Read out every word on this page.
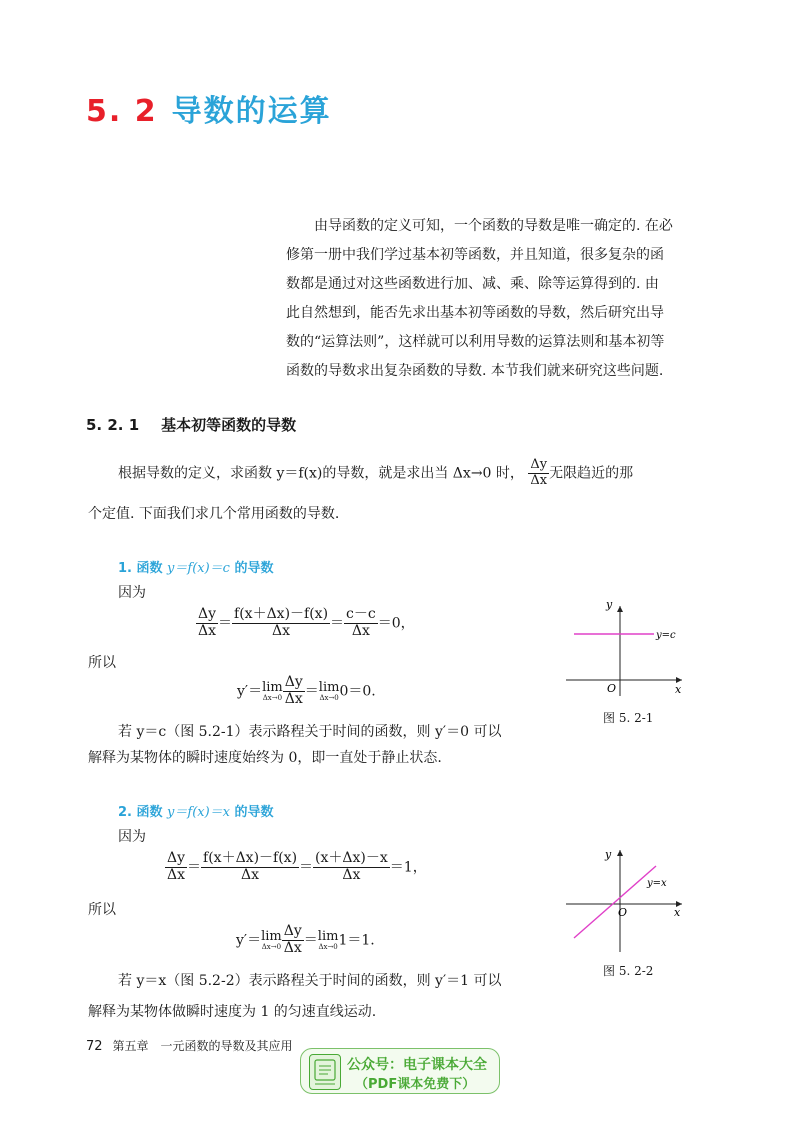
5. 2 导数的运算
由导函数的定义可知，一个函数的导数是唯一确定的. 在必
修第一册中我们学过基本初等函数，并且知道，很多复杂的函
数都是通过对这些函数进行加、减、乘、除等运算得到的. 由
此自然想到，能否先求出基本初等函数的导数，然后研究出导
数的“运算法则”，这样就可以利用导数的运算法则和基本初等
函数的导数求出复杂函数的导数. 本节我们就来研究这些问题.
5. 2. 1 基本初等函数的导数
根据导数的定义，求函数 y＝f(x)的导数，就是求出当 Δx→0 时， $\frac{\Delta y}{\Delta x}$ 无限趋近的那
个定值. 下面我们求几个常用函数的导数.
1. 函数 y＝f(x)＝c 的导数
因为
$\frac{\Delta y}{\Delta x} = \frac{f(x+\Delta x)-f(x)}{\Delta x} = \frac{c-c}{\Delta x} =0$，
所以
y′＝ lim
$\Delta x\to 0 \frac{\Delta y}{\Delta x} = \lim$
Δx→0 0＝0.
若 y＝c（图 5.2-1）表示路程关于时间的函数，则 y′＝0 可以
解释为某物体的瞬时速度始终为 0，即一直处于静止状态.
y
x
O
y=c
图 5. 2-1
2. 函数 y＝f(x)＝x 的导数
因为
$\frac{\Delta y}{\Delta x} = \frac{f(x+\Delta x)-f(x)}{\Delta x} = \frac{(x+\Delta x)-x}{\Delta x} =1$，
所以
y′＝ lim
$\Delta x\to 0 \frac{\Delta y}{\Delta x} = \lim$
Δx→0 1＝1.
若 y＝x（图 5.2-2）表示路程关于时间的函数，则 y′＝1 可以
解释为某物体做瞬时速度为 1 的匀速直线运动.
y
x
O
y=x
图 5. 2-2
72 第五章　一元函数的导数及其应用
公众号：电子课本大全
（PDF课本免费下）
